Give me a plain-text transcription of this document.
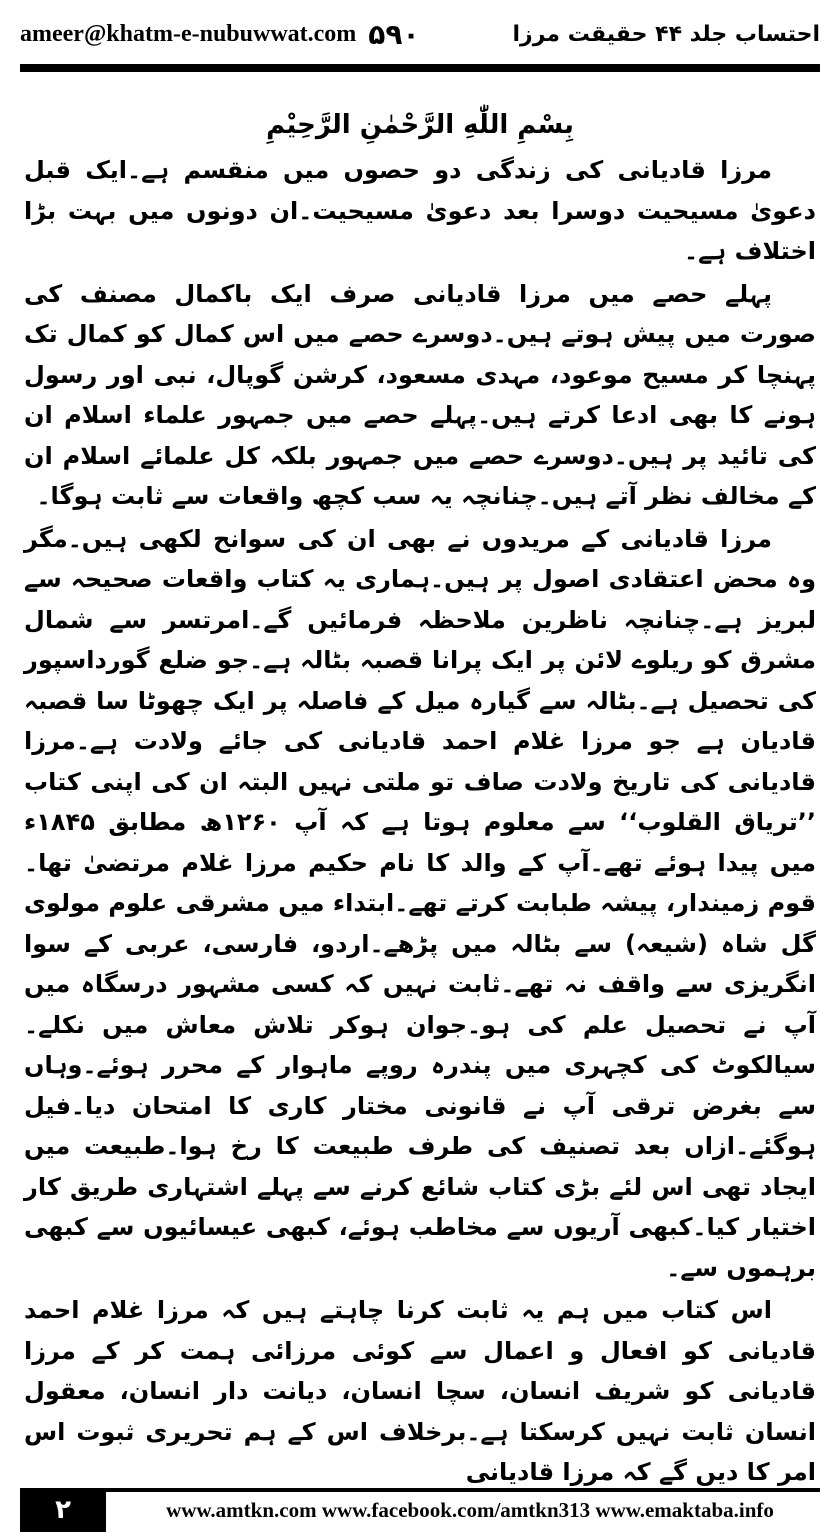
ameer@khatm-e-nubuwwat.com ۵۹۰	احتساب جلد ۴۴ حقیقت مرزا
بِسْمِ اللّٰهِ الرَّحْمٰنِ الرَّحِیْمِ

مرزا قادیانی کی زندگی دو حصوں میں منقسم ہے۔ایک قبل دعویٰ مسیحیت دوسرا بعد دعویٰ مسیحیت۔ان دونوں میں بہت بڑا اختلاف ہے۔

پہلے حصے میں مرزا قادیانی صرف ایک باکمال مصنف کی صورت میں پیش ہوتے ہیں۔دوسرے حصے میں اس کمال کو کمال تک پہنچا کر مسیح موعود، مہدی مسعود، کرشن گوپال، نبی اور رسول ہونے کا بھی ادعا کرتے ہیں۔پہلے حصے میں جمہور علماء اسلام ان کی تائید پر ہیں۔دوسرے حصے میں جمہور بلکہ کل علمائے اسلام ان کے مخالف نظر آتے ہیں۔چنانچہ یہ سب کچھ واقعات سے ثابت ہوگا۔

مرزا قادیانی کے مریدوں نے بھی ان کی سوانح لکھی ہیں۔مگر وہ محض اعتقادی اصول پر ہیں۔ہماری یہ کتاب واقعات صحیحہ سے لبریز ہے۔چنانچہ ناظرین ملاحظہ فرمائیں گے۔امرتسر سے شمال مشرق کو ریلوے لائن پر ایک پرانا قصبہ بٹالہ ہے۔جو ضلع گورداسپور کی تحصیل ہے۔بٹالہ سے گیارہ میل کے فاصلہ پر ایک چھوٹا سا قصبہ قادیان ہے جو مرزا غلام احمد قادیانی کی جائے ولادت ہے۔مرزا قادیانی کی تاریخ ولادت صاف تو ملتی نہیں البتہ ان کی اپنی کتاب ’’تریاق القلوب‘‘ سے معلوم ہوتا ہے کہ آپ ۱۲۶۰ھ مطابق ۱۸۴۵ء میں پیدا ہوئے تھے۔آپ کے والد کا نام حکیم مرزا غلام مرتضیٰ تھا۔قوم زمیندار، پیشہ طبابت کرتے تھے۔ابتداء میں مشرقی علوم مولوی گل شاہ (شیعہ) سے بٹالہ میں پڑھے۔اردو، فارسی، عربی کے سوا انگریزی سے واقف نہ تھے۔ثابت نہیں کہ کسی مشہور درسگاہ میں آپ نے تحصیل علم کی ہو۔جوان ہوکر تلاش معاش میں نکلے۔سیالکوٹ کی کچہری میں پندرہ روپے ماہوار کے محرر ہوئے۔وہاں سے بغرض ترقی آپ نے قانونی مختار کاری کا امتحان دیا۔فیل ہوگئے۔ازاں بعد تصنیف کی طرف طبیعت کا رخ ہوا۔طبیعت میں ایجاد تھی اس لئے بڑی کتاب شائع کرنے سے پہلے اشتہاری طریق کار اختیار کیا۔کبھی آریوں سے مخاطب ہوئے، کبھی عیسائیوں سے کبھی برہموں سے۔

اس کتاب میں ہم یہ ثابت کرنا چاہتے ہیں کہ مرزا غلام احمد قادیانی کو افعال و اعمال سے کوئی مرزائی ہمت کر کے مرزا قادیانی کو شریف انسان، سچا انسان، دیانت دار انسان، معقول انسان ثابت نہیں کرسکتا ہے۔برخلاف اس کے ہم تحریری ثبوت اس امر کا دیں گے کہ مرزا قادیانی

۲	www.amtkn.com www.facebook.com/amtkn313 www.emaktaba.info
